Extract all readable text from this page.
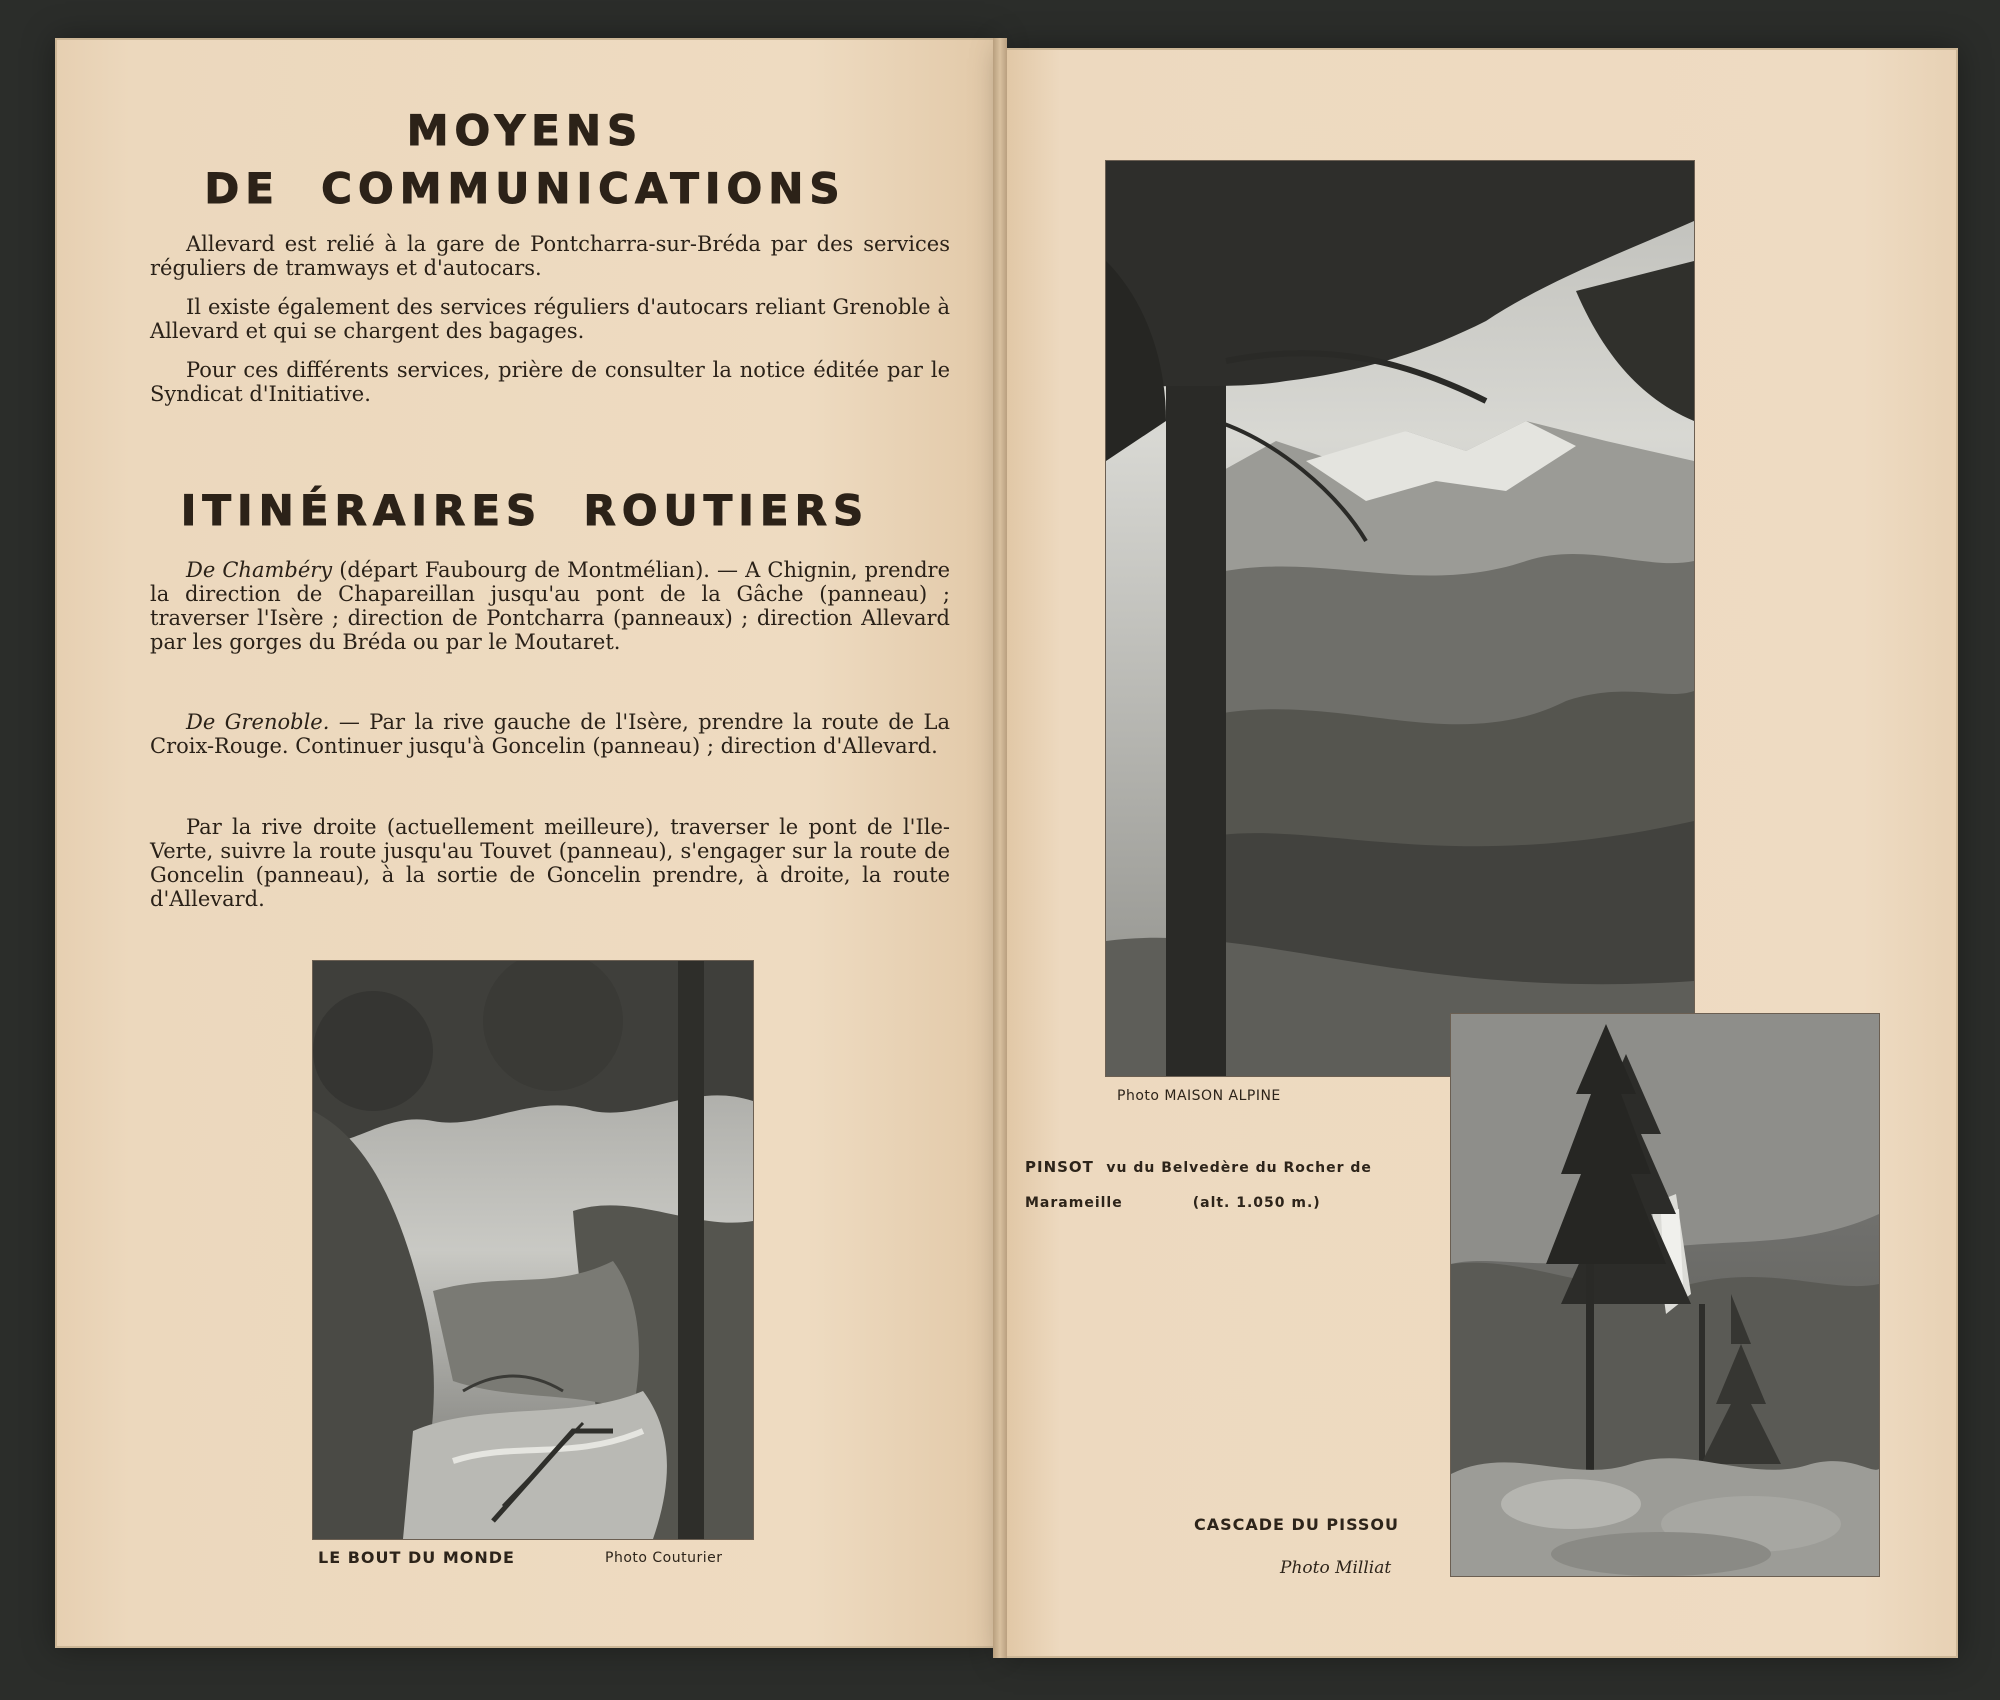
MOYENS
DE  COMMUNICATIONS

Allevard est relié à la gare de Pontcharra-sur-Bréda par des services réguliers de tramways et d'autocars.

Il existe également des services réguliers d'autocars reliant Grenoble à Allevard et qui se chargent des bagages.

Pour ces différents services, prière de consulter la notice éditée par le Syndicat d'Initiative.

ITINÉRAIRES  ROUTIERS

De Chambéry (départ Faubourg de Montmélian). — A Chignin, prendre la direction de Chapareillan jusqu'au pont de la Gâche (panneau) ; traverser l'Isère ; direction de Pontcharra (panneaux) ; direction Allevard par les gorges du Bréda ou par le Moutaret.

De Grenoble. — Par la rive gauche de l'Isère, prendre la route de La Croix-Rouge. Continuer jusqu'à Goncelin (panneau) ; direction d'Allevard.

Par la rive droite (actuellement meilleure), traverser le pont de l'Ile-Verte, suivre la route jusqu'au Touvet (panneau), s'engager sur la route de Goncelin (panneau), à la sortie de Goncelin prendre, à droite, la route d'Allevard.

LE BOUT DU MONDE	Photo Couturier
Photo MAISON ALPINE
PINSOT vu du Belvedère du Rocher de
Marameille	(alt. 1.050 m.)
CASCADE DU PISSOU
Photo Milliat
